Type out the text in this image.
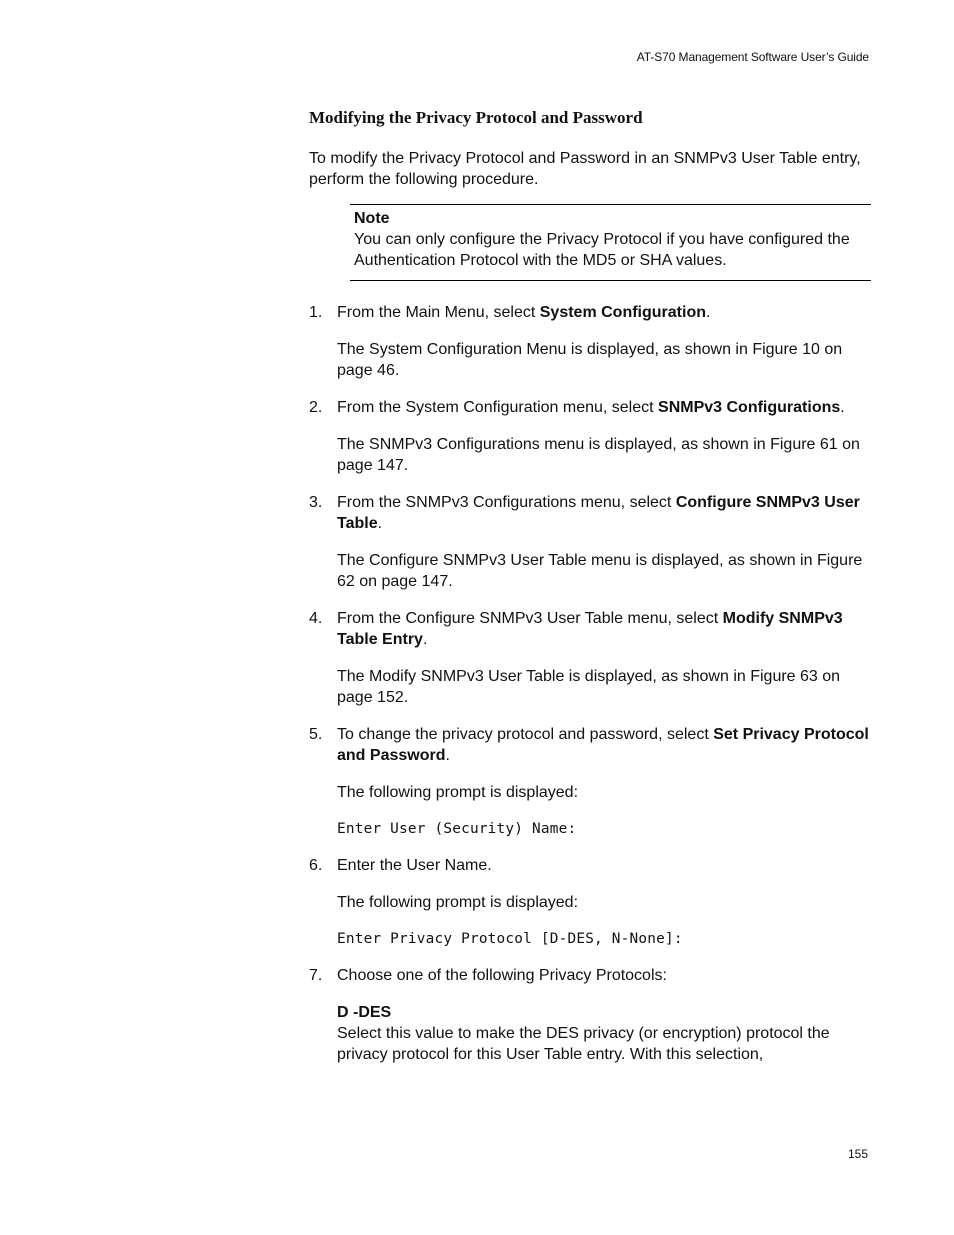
AT-S70 Management Software User’s Guide
Modifying the Privacy Protocol and Password

To modify the Privacy Protocol and Password in an SNMPv3 User Table entry, perform the following procedure.

Note
You can only configure the Privacy Protocol if you have configured the Authentication Protocol with the MD5 or SHA values.
1. From the Main Menu, select System Configuration.
The System Configuration Menu is displayed, as shown in Figure 10 on page 46.
2. From the System Configuration menu, select SNMPv3 Configurations.
The SNMPv3 Configurations menu is displayed, as shown in Figure 61 on page 147.
3. From the SNMPv3 Configurations menu, select Configure SNMPv3 User Table.
The Configure SNMPv3 User Table menu is displayed, as shown in Figure 62 on page 147.
4. From the Configure SNMPv3 User Table menu, select Modify SNMPv3 Table Entry.
The Modify SNMPv3 User Table is displayed, as shown in Figure 63 on page 152.
5. To change the privacy protocol and password, select Set Privacy Protocol and Password.
The following prompt is displayed:
Enter User (Security) Name:
6. Enter the User Name.
The following prompt is displayed:
Enter Privacy Protocol [D-DES, N-None]:
7. Choose one of the following Privacy Protocols:
D -DES
Select this value to make the DES privacy (or encryption) protocol the privacy protocol for this User Table entry. With this selection,
155
